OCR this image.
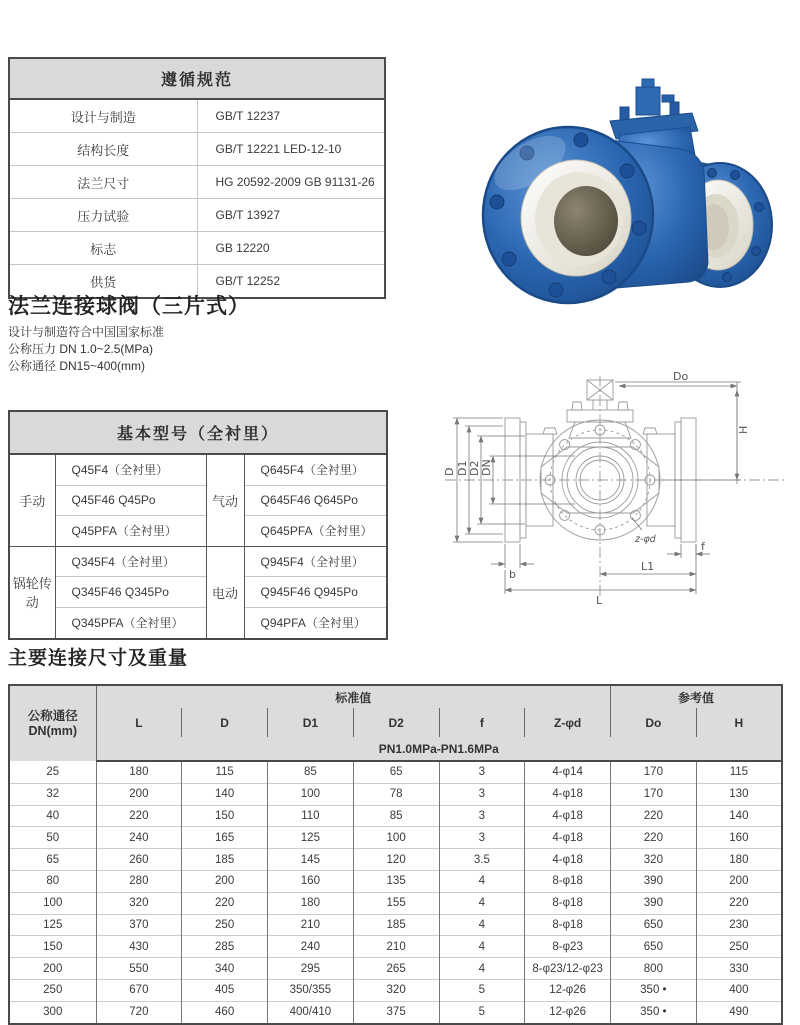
遵循规范	
设计与制造	GB/T 12237
结构长度	GB/T 12221 LED-12-10
法兰尺寸	HG 20592-2009 GB 91131-26
压力试验	GB/T 13927
标志	GB 12220
供货	GB/T 12252
法兰连接球阀（三片式）
设计与制造符合中国国家标准
公称压力 DN 1.0~2.5(MPa)
公称通径 DN15~400(mm)
基本型号（全衬里）			
手动	Q45F4（全衬里）	气动	Q645F4（全衬里）
	Q45F46 Q45Po		Q645F46 Q645Po
	Q45PFA（全衬里）		Q645PFA（全衬里）
锅轮传动	Q345F4（全衬里）	电动	Q945F4（全衬里）
	Q345F46 Q345Po		Q945F46 Q945Po
	Q345PFA（全衬里）		Q94PFA（全衬里）
Do
H
D D1 D2 DN
f
z-φd
b
L1
L
主要连接尺寸及重量
公称通径
DN(mm)	标准值						参考值	
	L	D	D1	D2	f	Z-φd	Do	H
	PN1.0MPa-PN1.6MPa							
25	180	115	85	65	3	4-φ14	170	115
32	200	140	100	78	3	4-φ18	170	130
40	220	150	110	85	3	4-φ18	220	140
50	240	165	125	100	3	4-φ18	220	160
65	260	185	145	120	3.5	4-φ18	320	180
80	280	200	160	135	4	8-φ18	390	200
100	320	220	180	155	4	8-φ18	390	220
125	370	250	210	185	4	8-φ18	650	230
150	430	285	240	210	4	8-φ23	650	250
200	550	340	295	265	4	8-φ23/12-φ23	800	330
250	670	405	350/355	320	5	12-φ26	350 •	400
300	720	460	400/410	375	5	12-φ26	350 •	490
